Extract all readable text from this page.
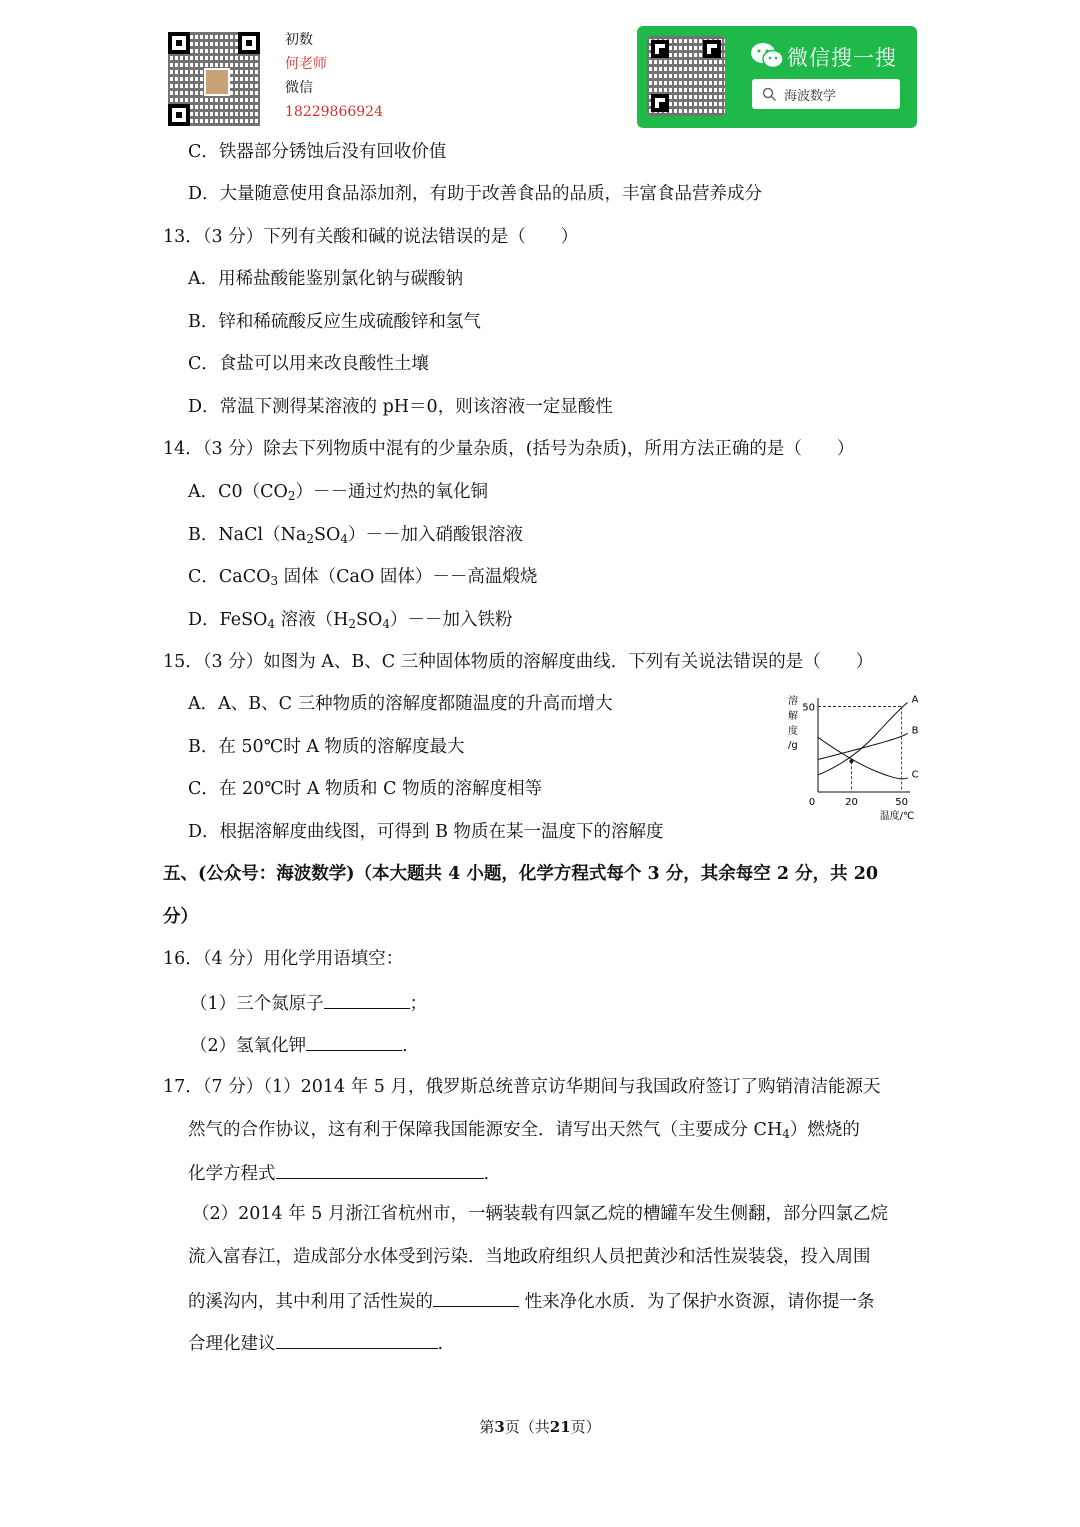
初数
何老师
微信
18229866924
微信搜一搜
海波数学
C．铁器部分锈蚀后没有回收价值
D．大量随意使用食品添加剂，有助于改善食品的品质，丰富食品营养成分
13．（3 分）下列有关酸和碱的说法错误的是（　　）
A．用稀盐酸能鉴别氯化钠与碳酸钠
B．锌和稀硫酸反应生成硫酸锌和氢气
C．食盐可以用来改良酸性土壤
D．常温下测得某溶液的 pH＝0，则该溶液一定显酸性
14．（3 分）除去下列物质中混有的少量杂质，(括号为杂质)，所用方法正确的是（　　）
A．$C0(CO_2)--$通过灼热的氧化铜
B．$NaCl(Na_2SO_4)--$加入硝酸银溶液
C．CaCO$_3$ 固体（CaO 固体）－－高温煅烧
D．FeSO$_4$ 溶液$(H_2SO_4)--$加入铁粉
15．（3 分）如图为 A、B、C 三种固体物质的溶解度曲线．下列有关说法错误的是（　　）
A．A、B、C 三种物质的溶解度都随温度的升高而增大
B．在 50℃时 A 物质的溶解度最大
C．在 20℃时 A 物质和 C 物质的溶解度相等
D．根据溶解度曲线图，可得到 B 物质在某一温度下的溶解度
溶
解
度
/g
0	20	50
50
A
B
C
温度/℃
五、(公众号：海波数学)（本大题共 4 小题，化学方程式每个 3 分，其余每空 2 分，共 20
分）
16．（4 分）用化学用语填空：
（1）三个氮原子	；
（2）氢氧化钾	.
17．（7 分）（1）2014 年 5 月，俄罗斯总统普京访华期间与我国政府签订了购销清洁能源天
然气的合作协议，这有利于保障我国能源安全．请写出天然气（主要成分 $CH_4$）燃烧的
化学方程式	.
（2）2014 年 5 月浙江省杭州市，一辆装载有四氯乙烷的槽罐车发生侧翻，部分四氯乙烷
流入富春江，造成部分水体受到污染．当地政府组织人员把黄沙和活性炭装袋，投入周围
的溪沟内，其中利用了活性炭的	性来净化水质．为了保护水资源，请你提一条
合理化建议	.
第3页（共21页）
